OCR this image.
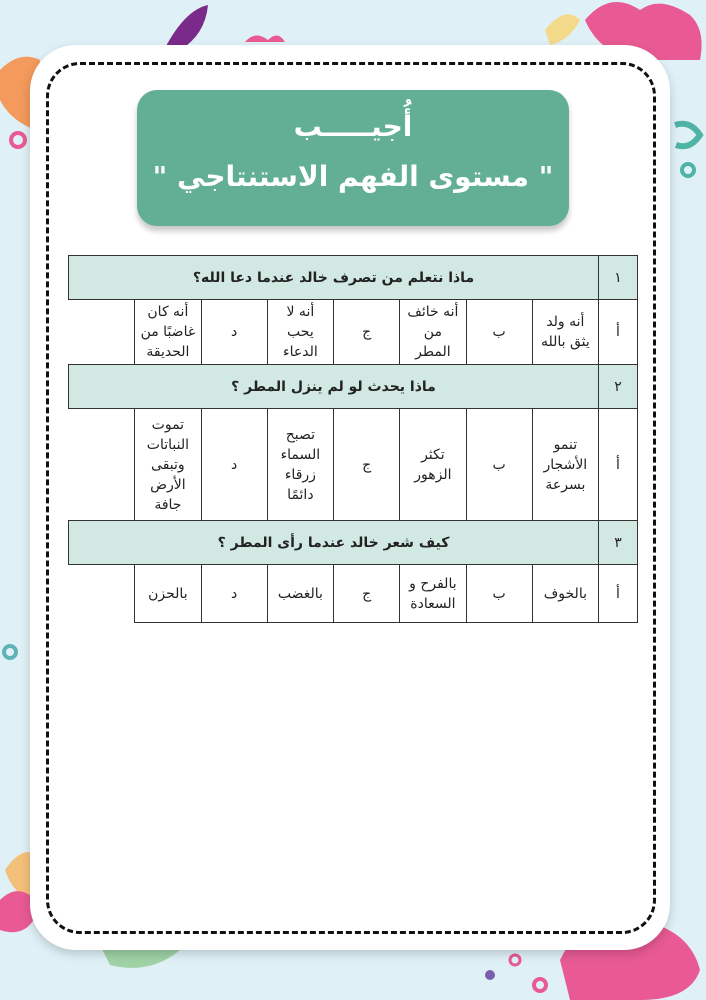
أُجيـــــب
" مستوى الفهم الاستنتاجي "
١	ماذا نتعلم من تصرف خالد عندما دعا الله؟						
أ	أنه ولد يثق بالله	ب	أنه خائف من المطر	ج	أنه لا يحب الدعاء	د	أنه كان غاضبًا من الحديقة
٢	ماذا يحدث لو لم ينزل المطر ؟						
أ	تنمو الأشجار بسرعة	ب	تكثر الزهور	ج	تصبح السماء زرقاء دائمًا	د	تموت النباتات وتبقى الأرض جافة
٣	كيف شعر خالد عندما رأى المطر ؟						
أ	بالخوف	ب	بالفرح و السعادة	ج	بالغضب	د	بالحزن
